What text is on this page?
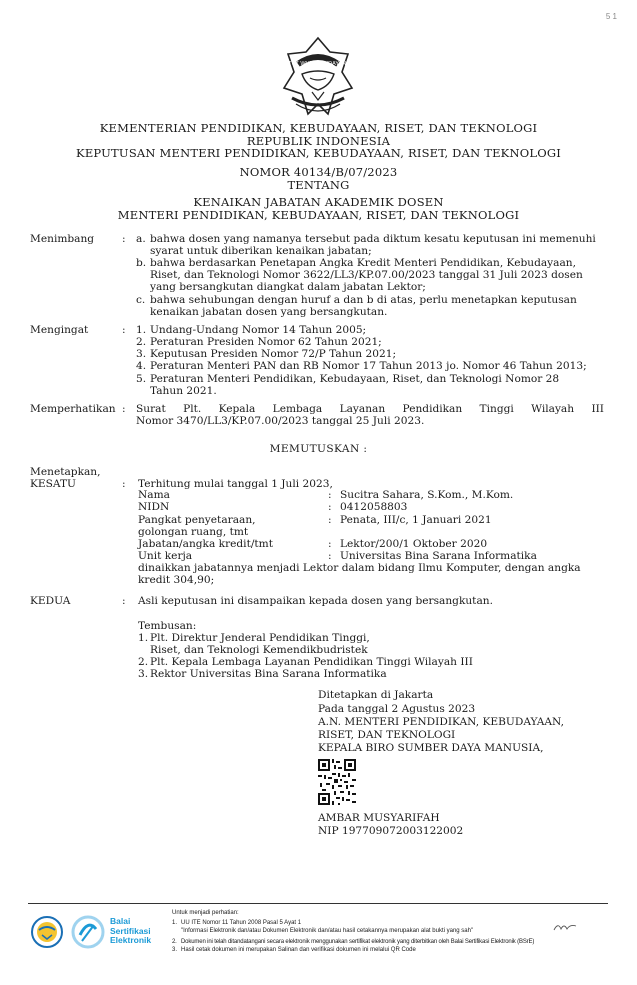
5 1
TUT WURI HANDAYANI
KEMENTERIAN PENDIDIKAN, KEBUDAYAAN, RISET, DAN TEKNOLOGI
REPUBLIK INDONESIA
KEPUTUSAN MENTERI PENDIDIKAN, KEBUDAYAAN, RISET, DAN TEKNOLOGI
NOMOR 40134/B/07/2023
TENTANG
KENAIKAN JABATAN AKADEMIK DOSEN
MENTERI PENDIDIKAN, KEBUDAYAAN, RISET, DAN TEKNOLOGI
Menimbang	: a. bahwa dosen yang namanya tersebut pada diktum kesatu keputusan ini memenuhi
syarat untuk diberikan kenaikan jabatan;
b. bahwa berdasarkan Penetapan Angka Kredit Menteri Pendidikan, Kebudayaan,
Riset, dan Teknologi Nomor 3622/LL3/KP.07.00/2023 tanggal 31 Juli 2023 dosen
yang bersangkutan diangkat dalam jabatan Lektor;
c. bahwa sehubungan dengan huruf a dan b di atas, perlu menetapkan keputusan
kenaikan jabatan dosen yang bersangkutan.
Mengingat	: 1. Undang-Undang Nomor 14 Tahun 2005;
2. Peraturan Presiden Nomor 62 Tahun 2021;
3. Keputusan Presiden Nomor 72/P Tahun 2021;
4. Peraturan Menteri PAN dan RB Nomor 17 Tahun 2013 jo. Nomor 46 Tahun 2013;
5. Peraturan Menteri Pendidikan, Kebudayaan, Riset, dan Teknologi Nomor 28
Tahun 2021.
Memperhatikan : Surat Plt. Kepala Lembaga Layanan Pendidikan Tinggi Wilayah III
Nomor 3470/LL3/KP.07.00/2023 tanggal 25 Juli 2023.
MEMUTUSKAN :
Menetapkan,
KESATU	: Terhitung mulai tanggal 1 Juli 2023,
Nama	: Sucitra Sahara, S.Kom., M.Kom.
NIDN	: 0412058803
Pangkat penyetaraan,	: Penata, III/c, 1 Januari 2021
golongan ruang, tmt
Jabatan/angka kredit/tmt	: Lektor/200/1 Oktober 2020
Unit kerja	: Universitas Bina Sarana Informatika
dinaikkan jabatannya menjadi Lektor dalam bidang Ilmu Komputer, dengan angka
kredit 304,90;
KEDUA	: Asli keputusan ini disampaikan kepada dosen yang bersangkutan.
Tembusan:
1. Plt. Direktur Jenderal Pendidikan Tinggi,
Riset, dan Teknologi Kemendikbudristek
2. Plt. Kepala Lembaga Layanan Pendidikan Tinggi Wilayah III
3. Rektor Universitas Bina Sarana Informatika
Ditetapkan di Jakarta
Pada tanggal 2 Agustus 2023
A.N. MENTERI PENDIDIKAN, KEBUDAYAAN,
RISET, DAN TEKNOLOGI
KEPALA BIRO SUMBER DAYA MANUSIA,
AMBAR MUSYARIFAH
NIP 197709072003122002
Balai
Sertifikasi
Elektronik
Untuk menjadi perhatian:
1. UU ITE Nomor 11 Tahun 2008 Pasal 5 Ayat 1
"Informasi Elektronik dan/atau Dokumen Elektronik dan/atau hasil cetakannya merupakan alat bukti yang sah"
2. Dokumen ini telah ditandatangani secara elektronik menggunakan sertifikat elektronik yang diterbitkan oleh Balai Sertifikasi Elektronik (BSrE)
3. Hasil cetak dokumen ini merupakan Salinan dan verifikasi dokumen ini melalui QR Code
